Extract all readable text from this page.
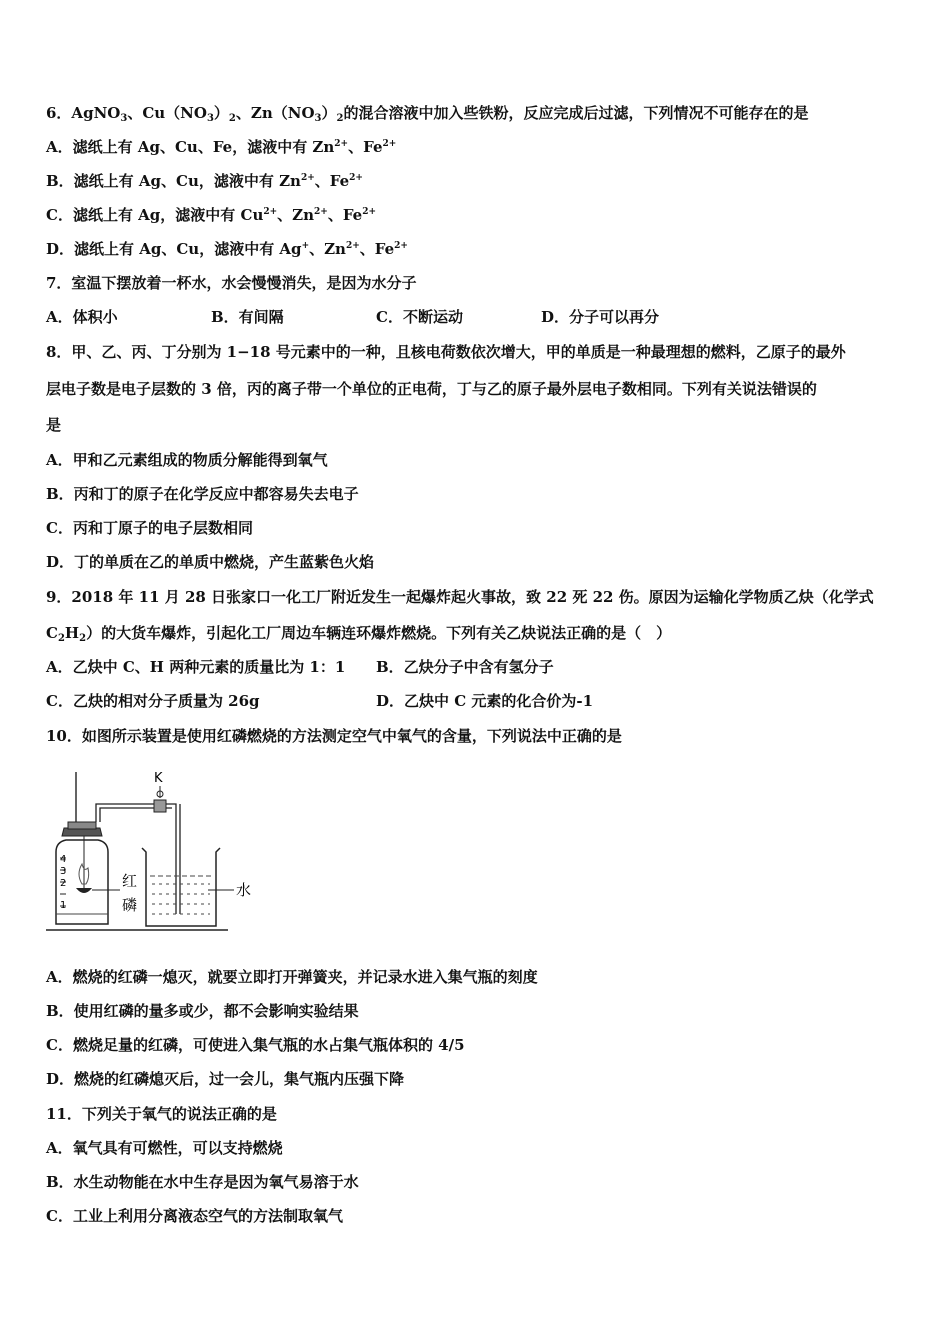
6．AgNO$_3$、$Cu(NO_3)_2$、$Zn(NO_3)_2$的混合溶液中加入些铁粉，反应完成后过滤，下列情况不可能存在的是
A．滤纸上有 Ag、Cu、Fe，滤液中有 $Zn^{2+}$、$Fe^{2+}$
B．滤纸上有 Ag、Cu，滤液中有 $Zn^{2+}$、$Fe^{2+}$
C．滤纸上有 Ag，滤液中有 $Cu^{2+}$、$Zn^{2+}$、$Fe^{2+}$
D．滤纸上有 Ag、Cu，滤液中有 Ag+、$Zn^{2+}$、$Fe^{2+}$
7．室温下摆放着一杯水，水会慢慢消失，是因为水分子
A．体积小	B．有间隔	C．不断运动	D．分子可以再分
8．甲、乙、丙、丁分别为 1−18 号元素中的一种，且核电荷数依次增大，甲的单质是一种最理想的燃料，乙原子的最外
层电子数是电子层数的 3 倍，丙的离子带一个单位的正电荷，丁与乙的原子最外层电子数相同。下列有关说法错误的
是
A．甲和乙元素组成的物质分解能得到氧气
B．丙和丁的原子在化学反应中都容易失去电子
C．丙和丁原子的电子层数相同
D．丁的单质在乙的单质中燃烧，产生蓝紫色火焰
9．2018 年 11 月 28 日张家口一化工厂附近发生一起爆炸起火事故，致 22 死 22 伤。原因为运输化学物质乙炔（化学式
$C_2H_2$）的大货车爆炸，引起化工厂周边车辆连环爆炸燃烧。下列有关乙炔说法正确的是（　）
A．乙炔中 C、H 两种元素的质量比为 1：1 B．乙炔分子中含有氢分子
C．乙炔的相对分子质量为 26g	D．乙炔中 C 元素的化合价为-1
10．如图所示装置是使用红磷燃烧的方法测定空气中氧气的含量，下列说法中正确的是
4
3
2
1
红
磷
K
水
A．燃烧的红磷一熄灭，就要立即打开弹簧夹，并记录水进入集气瓶的刻度
B．使用红磷的量多或少，都不会影响实验结果
C．燃烧足量的红磷，可使进入集气瓶的水占集气瓶体积的 4/5
D．燃烧的红磷熄灭后，过一会儿，集气瓶内压强下降
11．下列关于氧气的说法正确的是
A．氧气具有可燃性，可以支持燃烧
B．水生动物能在水中生存是因为氧气易溶于水
C．工业上利用分离液态空气的方法制取氧气
